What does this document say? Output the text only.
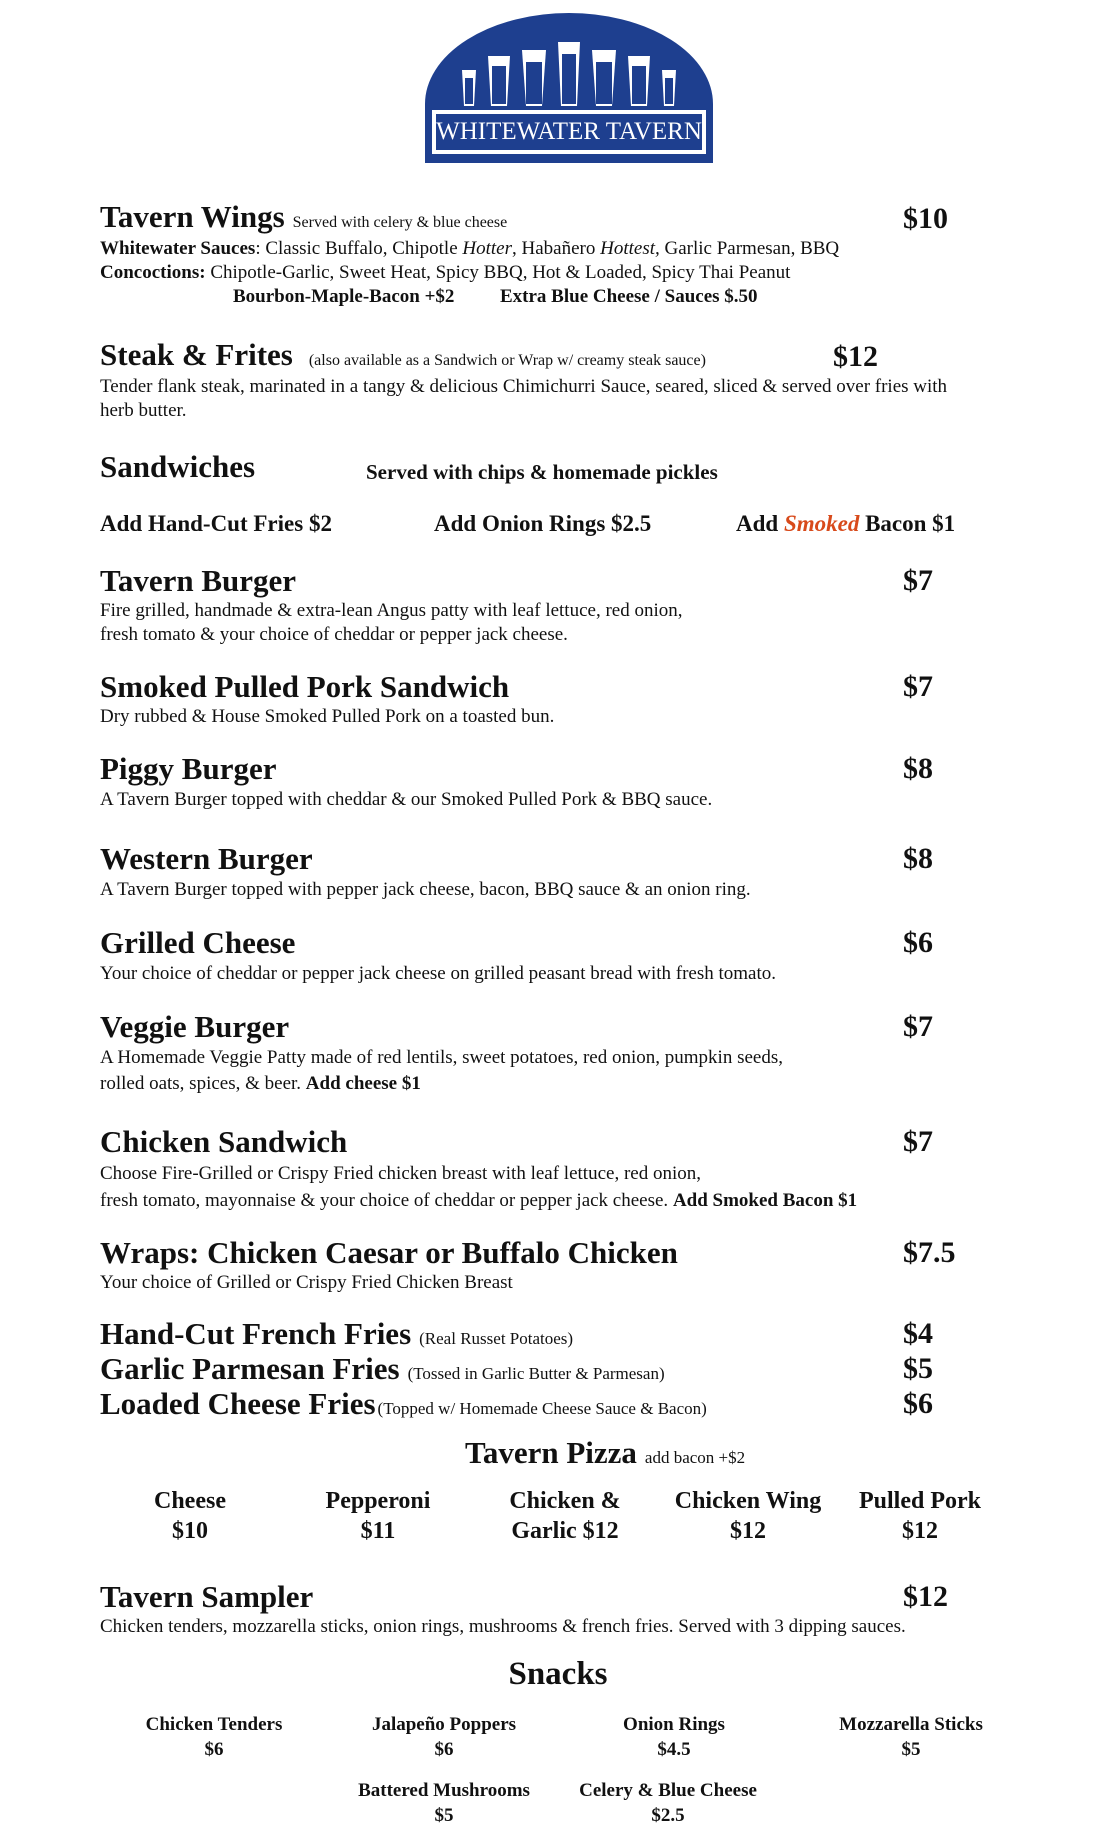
WHITEWATER TAVERN
Tavern Wings Served with celery & blue cheese	$10
Whitewater Sauces: Classic Buffalo, Chipotle Hotter, Habañero Hottest, Garlic Parmesan, BBQ
Concoctions: Chipotle-Garlic, Sweet Heat, Spicy BBQ, Hot & Loaded, Spicy Thai Peanut
Bourbon-Maple-Bacon +$2 Extra Blue Cheese / Sauces $.50
Steak & Frites (also available as a Sandwich or Wrap w/ creamy steak sauce)	$12
Tender flank steak, marinated in a tangy & delicious Chimichurri Sauce, seared, sliced & served over fries with
herb butter.
Sandwiches	Served with chips & homemade pickles
Add Hand-Cut Fries $2	Add Onion Rings $2.5	Add Smoked Bacon $1
Tavern Burger	$7
Fire grilled, handmade & extra-lean Angus patty with leaf lettuce, red onion,
fresh tomato & your choice of cheddar or pepper jack cheese.
Smoked Pulled Pork Sandwich	$7
Dry rubbed & House Smoked Pulled Pork on a toasted bun.
Piggy Burger	$8
A Tavern Burger topped with cheddar & our Smoked Pulled Pork & BBQ sauce.
Western Burger	$8
A Tavern Burger topped with pepper jack cheese, bacon, BBQ sauce & an onion ring.
Grilled Cheese	$6
Your choice of cheddar or pepper jack cheese on grilled peasant bread with fresh tomato.
Veggie Burger	$7
A Homemade Veggie Patty made of red lentils, sweet potatoes, red onion, pumpkin seeds,
rolled oats, spices, & beer. Add cheese $1
Chicken Sandwich	$7
Choose Fire-Grilled or Crispy Fried chicken breast with leaf lettuce, red onion,
fresh tomato, mayonnaise & your choice of cheddar or pepper jack cheese. Add Smoked Bacon $1
Wraps: Chicken Caesar or Buffalo Chicken	$7.5
Your choice of Grilled or Crispy Fried Chicken Breast
Hand-Cut French Fries (Real Russet Potatoes)	$4
Garlic Parmesan Fries (Tossed in Garlic Butter & Parmesan)	$5
Loaded Cheese Fries (Topped w/ Homemade Cheese Sauce & Bacon)	$6
Tavern Pizza add bacon +$2
Cheese
$10
Pepperoni
$11
Chicken &
Garlic $12
Chicken Wing
$12
Pulled Pork
$12
Tavern Sampler	$12
Chicken tenders, mozzarella sticks, onion rings, mushrooms & french fries. Served with 3 dipping sauces.
Snacks
Chicken Tenders
$6
Jalapeño Poppers
$6
Onion Rings
$4.5
Mozzarella Sticks
$5
Battered Mushrooms
$5
Celery & Blue Cheese
$2.5
